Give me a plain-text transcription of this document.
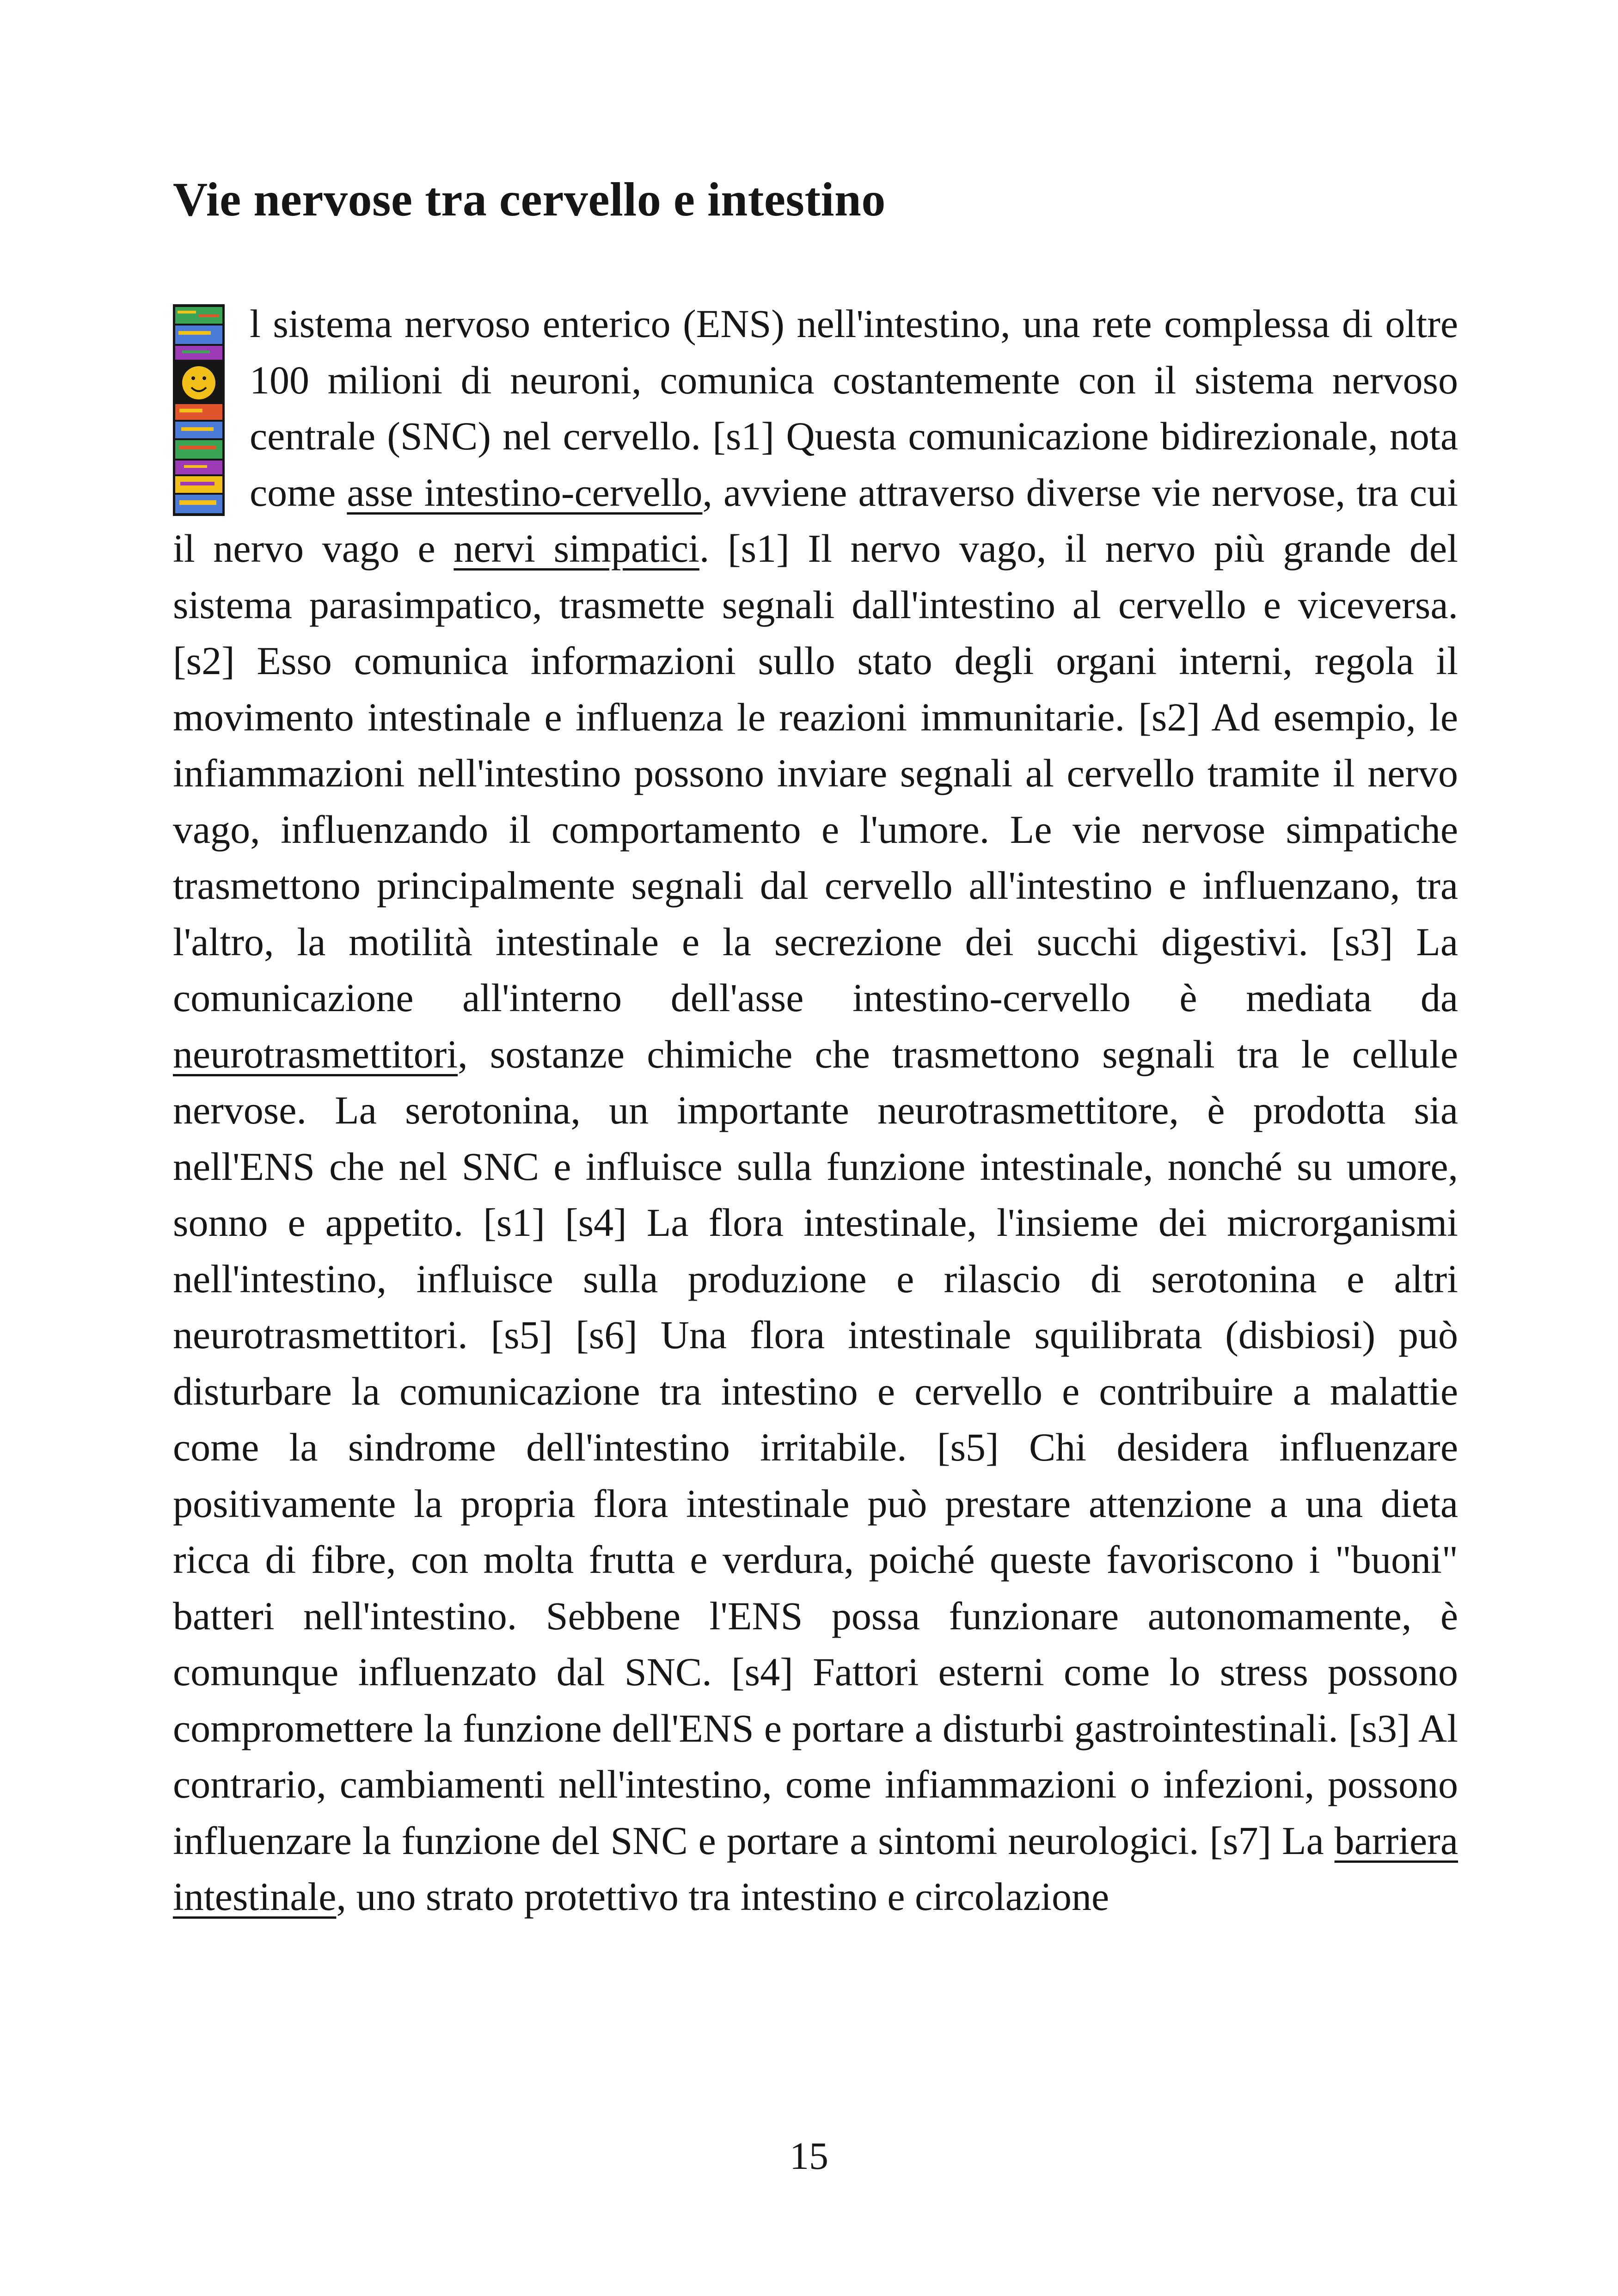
Vie nervose tra cervello e intestino

l sistema nervoso enterico (ENS) nell'intestino, una rete complessa di oltre 100 milioni di neuroni, comunica costantemente con il sistema nervoso centrale (SNC) nel cervello. [s1] Questa comunicazione bidirezionale, nota come asse intestino-cervello, avviene attraverso diverse vie nervose, tra cui il nervo vago e nervi simpatici. [s1] Il nervo vago, il nervo più grande del sistema parasimpatico, trasmette segnali dall'intestino al cervello e viceversa. [s2] Esso comunica informazioni sullo stato degli organi interni, regola il movimento intestinale e influenza le reazioni immunitarie. [s2] Ad esempio, le infiammazioni nell'intestino possono inviare segnali al cervello tramite il nervo vago, influenzando il comportamento e l'umore. Le vie nervose simpatiche trasmettono principalmente segnali dal cervello all'intestino e influenzano, tra l'altro, la motilità intestinale e la secrezione dei succhi digestivi. [s3] La comunicazione all'interno dell'asse intestino-cervello è mediata da neurotrasmettitori, sostanze chimiche che trasmettono segnali tra le cellule nervose. La serotonina, un importante neurotrasmettitore, è prodotta sia nell'ENS che nel SNC e influisce sulla funzione intestinale, nonché su umore, sonno e appetito. [s1] [s4] La flora intestinale, l'insieme dei microrganismi nell'intestino, influisce sulla produzione e rilascio di serotonina e altri neurotrasmettitori. [s5] [s6] Una flora intestinale squilibrata (disbiosi) può disturbare la comunicazione tra intestino e cervello e contribuire a malattie come la sindrome dell'intestino irritabile. [s5] Chi desidera influenzare positivamente la propria flora intestinale può prestare attenzione a una dieta ricca di fibre, con molta frutta e verdura, poiché queste favoriscono i "buoni" batteri nell'intestino. Sebbene l'ENS possa funzionare autonomamente, è comunque influenzato dal SNC. [s4] Fattori esterni come lo stress possono compromettere la funzione dell'ENS e portare a disturbi gastrointestinali. [s3] Al contrario, cambiamenti nell'intestino, come infiammazioni o infezioni, possono influenzare la funzione del SNC e portare a sintomi neurologici. [s7] La barriera intestinale, uno strato protettivo tra intestino e circolazione

15
